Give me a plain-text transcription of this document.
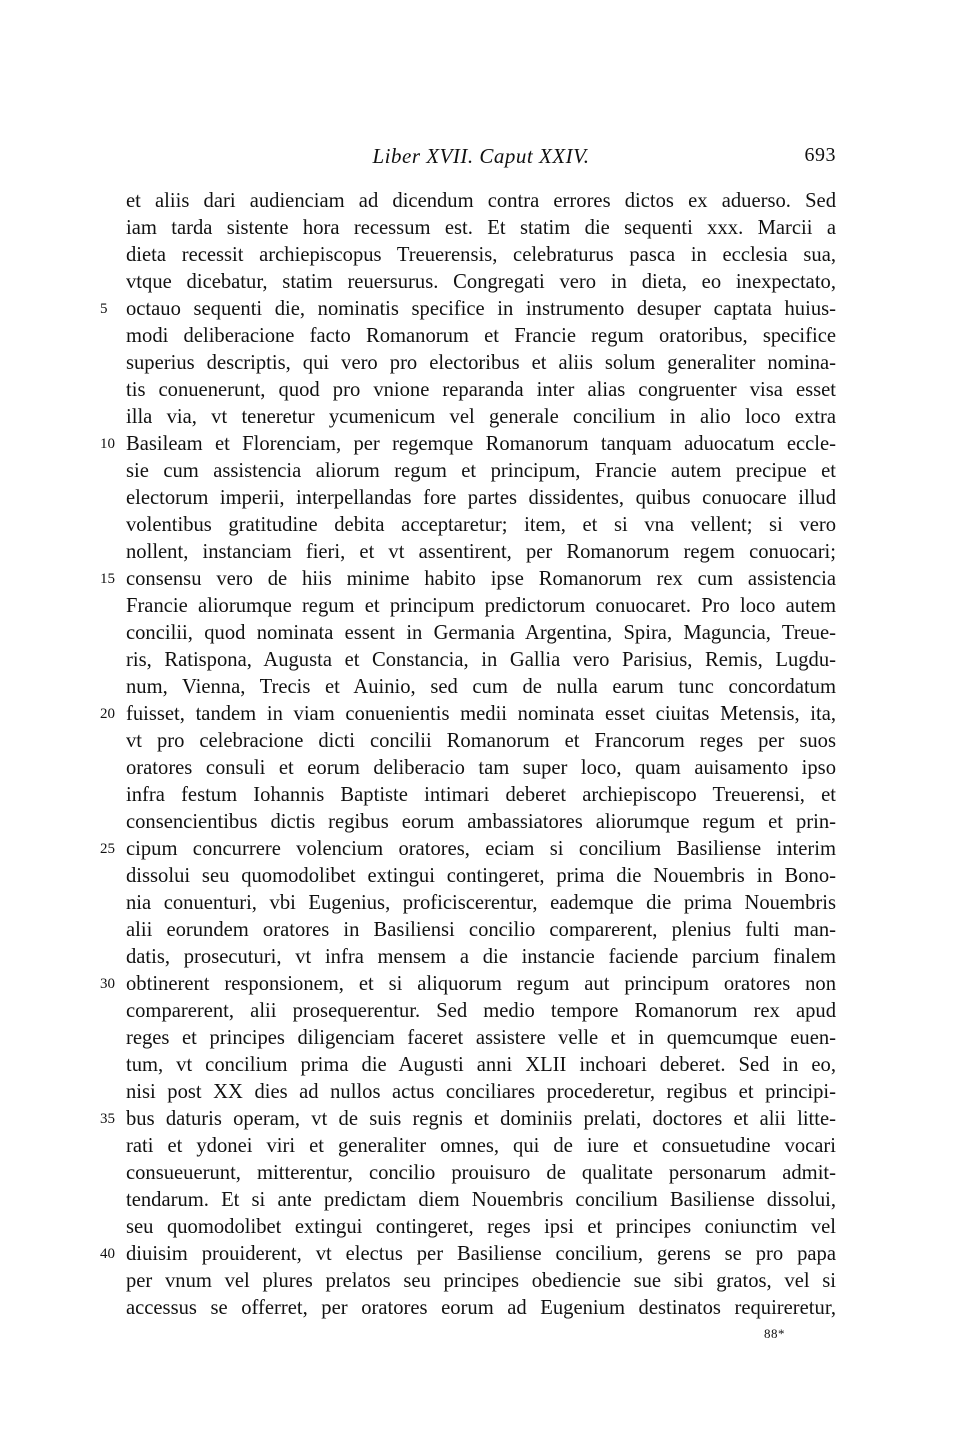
Liber XVII. Caput XXIV.	693
et aliis dari audienciam ad dicendum contra errores dictos ex aduerso. Sed
iam tarda sistente hora recessum est. Et statim die sequenti xxx. Marcii a
dieta recessit archiepiscopus Treuerensis, celebraturus pasca in ecclesia sua,
vtque dicebatur, statim reuersurus. Congregati vero in dieta, eo inexpectato,
5 octauo sequenti die, nominatis specifice in instrumento desuper captata huius-
modi deliberacione facto Romanorum et Francie regum oratoribus, specifice
superius descriptis, qui vero pro electoribus et aliis solum generaliter nomina-
tis conuenerunt, quod pro vnione reparanda inter alias congruenter visa esset
illa via, vt teneretur ycumenicum vel generale concilium in alio loco extra
10 Basileam et Florenciam, per regemque Romanorum tanquam aduocatum eccle-
sie cum assistencia aliorum regum et principum, Francie autem precipue et
electorum imperii, interpellandas fore partes dissidentes, quibus conuocare illud
volentibus gratitudine debita acceptaretur; item, et si vna vellent; si vero
nollent, instanciam fieri, et vt assentirent, per Romanorum regem conuocari;
15 consensu vero de hiis minime habito ipse Romanorum rex cum assistencia
Francie aliorumque regum et principum predictorum conuocaret. Pro loco autem
concilii, quod nominata essent in Germania Argentina, Spira, Maguncia, Treue-
ris, Ratispona, Augusta et Constancia, in Gallia vero Parisius, Remis, Lugdu-
num, Vienna, Trecis et Auinio, sed cum de nulla earum tunc concordatum
20 fuisset, tandem in viam conuenientis medii nominata esset ciuitas Metensis, ita,
vt pro celebracione dicti concilii Romanorum et Francorum reges per suos
oratores consuli et eorum deliberacio tam super loco, quam auisamento ipso
infra festum Iohannis Baptiste intimari deberet archiepiscopo Treuerensi, et
consencientibus dictis regibus eorum ambassiatores aliorumque regum et prin-
25 cipum concurrere volencium oratores, eciam si concilium Basiliense interim
dissolui seu quomodolibet extingui contingeret, prima die Nouembris in Bono-
nia conuenturi, vbi Eugenius, proficiscerentur, eademque die prima Nouembris
alii eorundem oratores in Basiliensi concilio comparerent, plenius fulti man-
datis, prosecuturi, vt infra mensem a die instancie faciende parcium finalem
30 obtinerent responsionem, et si aliquorum regum aut principum oratores non
comparerent, alii prosequerentur. Sed medio tempore Romanorum rex apud
reges et principes diligenciam faceret assistere velle et in quemcumque euen-
tum, vt concilium prima die Augusti anni XLII inchoari deberet. Sed in eo,
nisi post XX dies ad nullos actus conciliares procederetur, regibus et principi-
35 bus daturis operam, vt de suis regnis et dominiis prelati, doctores et alii litte-
rati et ydonei viri et generaliter omnes, qui de iure et consuetudine vocari
consueuerunt, mitterentur, concilio prouisuro de qualitate personarum admit-
tendarum. Et si ante predictam diem Nouembris concilium Basiliense dissolui,
seu quomodolibet extingui contingeret, reges ipsi et principes coniunctim vel
40 diuisim prouiderent, vt electus per Basiliense concilium, gerens se pro papa
per vnum vel plures prelatos seu principes obediencie sue sibi gratos, vel si
accessus se offerret, per oratores eorum ad Eugenium destinatos requireretur,
88*
